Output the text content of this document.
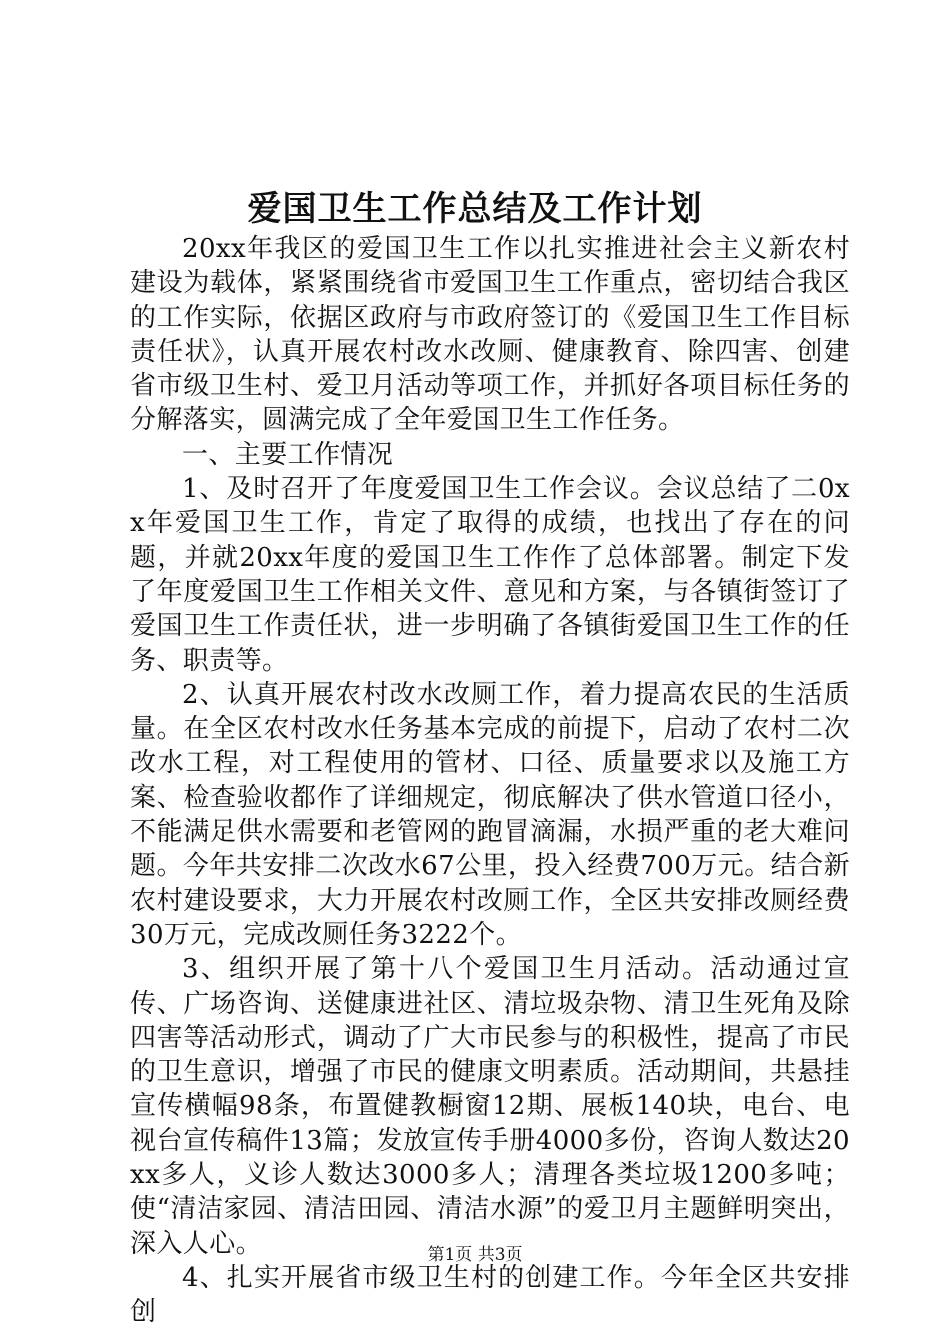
爱国卫生工作总结及工作计划

20xx年我区的爱国卫生工作以扎实推进社会主义新农村建设为载体，紧紧围绕省市爱国卫生工作重点，密切结合我区的工作实际，依据区政府与市政府签订的《爱国卫生工作目标责任状》，认真开展农村改水改厕、健康教育、除四害、创建省市级卫生村、爱卫月活动等项工作，并抓好各项目标任务的分解落实，圆满完成了全年爱国卫生工作任务。

一、主要工作情况

1、及时召开了年度爱国卫生工作会议。会议总结了二0xx年爱国卫生工作，肯定了取得的成绩，也找出了存在的问题，并就20xx年度的爱国卫生工作作了总体部署。制定下发了年度爱国卫生工作相关文件、意见和方案，与各镇街签订了爱国卫生工作责任状，进一步明确了各镇街爱国卫生工作的任务、职责等。

2、认真开展农村改水改厕工作，着力提高农民的生活质量。在全区农村改水任务基本完成的前提下，启动了农村二次改水工程，对工程使用的管材、口径、质量要求以及施工方案、检查验收都作了详细规定，彻底解决了供水管道口径小，不能满足供水需要和老管网的跑冒滴漏，水损严重的老大难问题。今年共安排二次改水67公里，投入经费700万元。结合新农村建设要求，大力开展农村改厕工作，全区共安排改厕经费30万元，完成改厕任务3222个。

3、组织开展了第十八个爱国卫生月活动。活动通过宣传、广场咨询、送健康进社区、清垃圾杂物、清卫生死角及除四害等活动形式，调动了广大市民参与的积极性，提高了市民的卫生意识，增强了市民的健康文明素质。活动期间，共悬挂宣传横幅98条，布置健教橱窗12期、展板140块，电台、电视台宣传稿件13篇；发放宣传手册4000多份，咨询人数达20xx多人，义诊人数达3000多人；清理各类垃圾1200多吨；使“清洁家园、清洁田园、清洁水源”的爱卫月主题鲜明突出，深入人心。

4、扎实开展省市级卫生村的创建工作。今年全区共安排创

第1页 共3页
